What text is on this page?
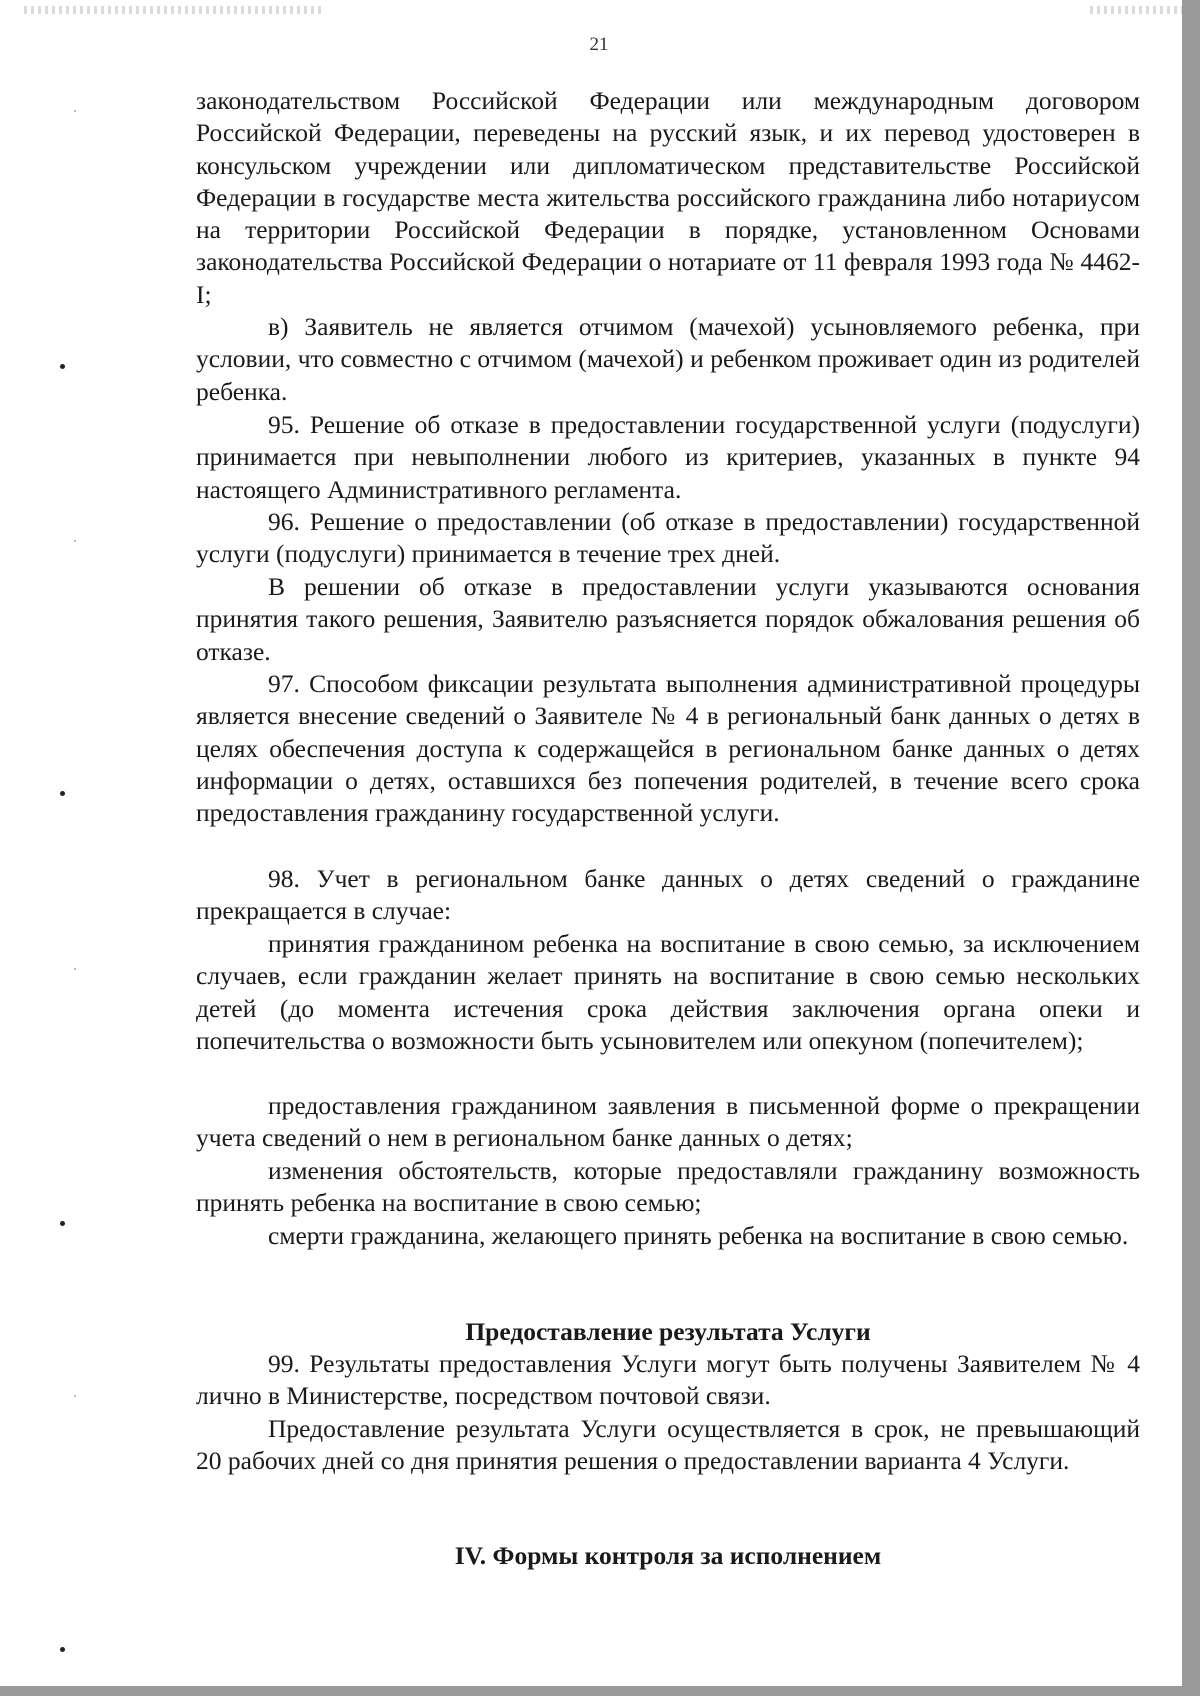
21

законодательством Российской Федерации или международным договором Российской Федерации, переведены на русский язык, и их перевод удостоверен в консульском учреждении или дипломатическом представительстве Российской Федерации в государстве места жительства российского гражданина либо нотариусом на территории Российской Федерации в порядке, установленном Основами законодательства Российской Федерации о нотариате от 11 февраля 1993 года № 4462-I;

в) Заявитель не является отчимом (мачехой) усыновляемого ребенка, при условии, что совместно с отчимом (мачехой) и ребенком проживает один из родителей ребенка.

95. Решение об отказе в предоставлении государственной услуги (подуслуги) принимается при невыполнении любого из критериев, указанных в пункте 94 настоящего Административного регламента.

96. Решение о предоставлении (об отказе в предоставлении) государственной услуги (подуслуги) принимается в течение трех дней.

В решении об отказе в предоставлении услуги указываются основания принятия такого решения, Заявителю разъясняется порядок обжалования решения об отказе.

97. Способом фиксации результата выполнения административной процедуры является внесение сведений о Заявителе № 4 в региональный банк данных о детях в целях обеспечения доступа к содержащейся в региональном банке данных о детях информации о детях, оставшихся без попечения родителей, в течение всего срока предоставления гражданину государственной услуги.

98. Учет в региональном банке данных о детях сведений о гражданине прекращается в случае:

принятия гражданином ребенка на воспитание в свою семью, за исключением случаев, если гражданин желает принять на воспитание в свою семью нескольких детей (до момента истечения срока действия заключения органа опеки и попечительства о возможности быть усыновителем или опекуном (попечителем);

предоставления гражданином заявления в письменной форме о прекращении учета сведений о нем в региональном банке данных о детях;

изменения обстоятельств, которые предоставляли гражданину возможность принять ребенка на воспитание в свою семью;

смерти гражданина, желающего принять ребенка на воспитание в свою семью.

Предоставление результата Услуги

99. Результаты предоставления Услуги могут быть получены Заявителем № 4 лично в Министерстве, посредством почтовой связи.

Предоставление результата Услуги осуществляется в срок, не превышающий 20 рабочих дней со дня принятия решения о предоставлении варианта 4 Услуги.

IV. Формы контроля за исполнением
